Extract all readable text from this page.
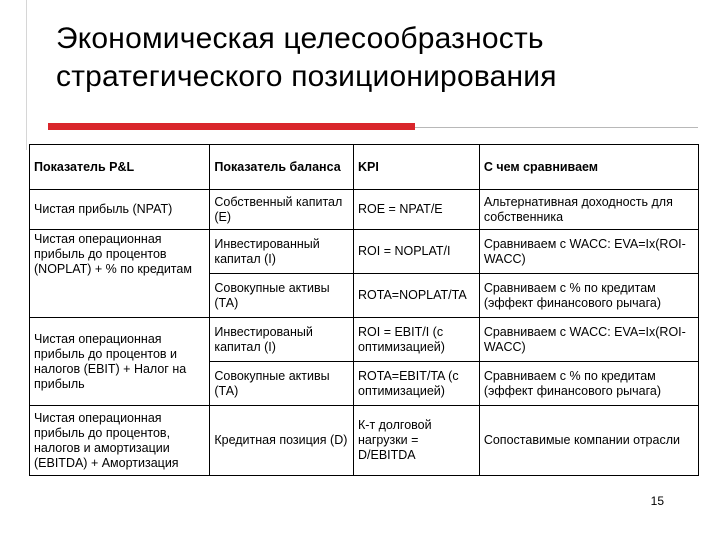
Экономическая целесообразность
стратегического позиционирования
Показатель P&L	Показатель баланса	KPI	С чем сравниваем
Чистая прибыль (NPAT)	Собственный капитал (Е)	ROE = NPAT/E	Альтернативная доходность для собственника
Чистая операционная прибыль до процентов (NOPLAT) + % по кредитам	Инвестированный капитал (I)	ROI = NOPLAT/I	Сравниваем с WACC: EVA=Ix(ROI-WACC)
	Совокупные активы (ТА)	ROTA=NOPLAT/TA	Сравниваем с % по кредитам (эффект финансового рычага)
Чистая операционная прибыль до процентов и налогов (EBIT) + Налог на прибыль	Инвестированый капитал (I)	ROI = EBIT/I (с оптимизацией)	Сравниваем с WACC: EVA=Ix(ROI-WACC)
	Совокупные активы (ТА)	ROTA=EBIT/TA (с оптимизацией)	Сравниваем с % по кредитам (эффект финансового рычага)
Чистая операционная прибыль до процентов, налогов и амортизации (EBITDA) + Амортизация	Кредитная позиция (D)	К-т долговой нагрузки = D/EBITDA	Сопоставимые компании отрасли
15
